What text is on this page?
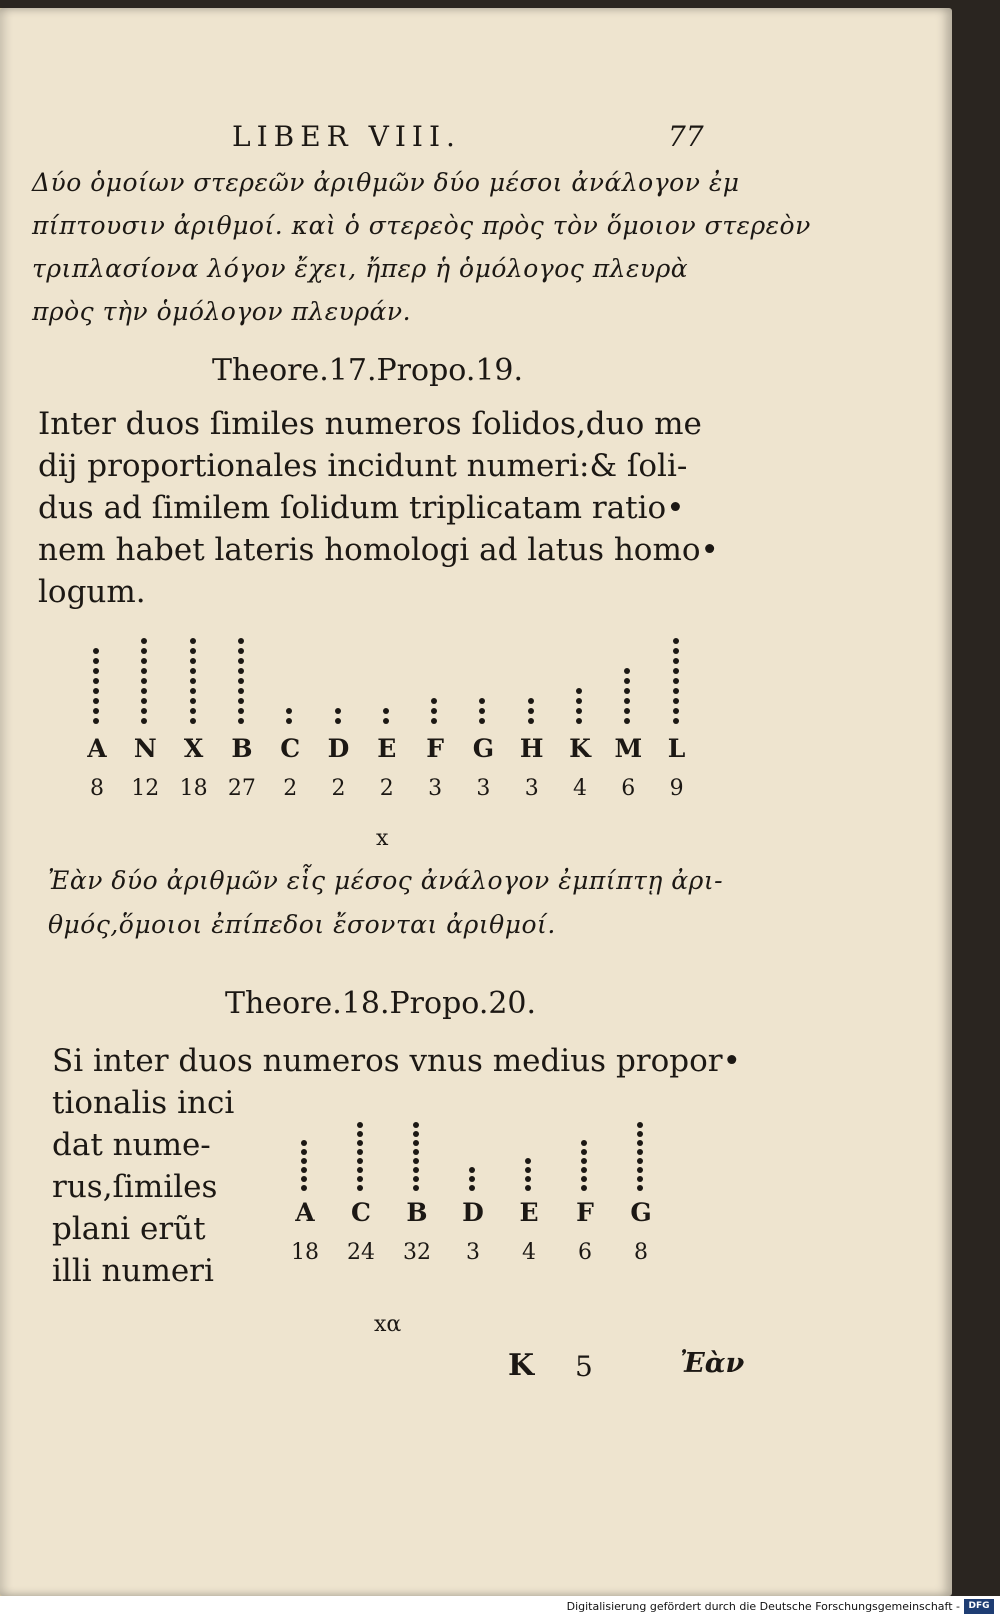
LIBER VIII.	77
Δύο ὁμοίων στερεῶν ἀριθμῶν δύο μέσοι ἀνάλογον ἐμ
πίπτουσιν ἀριθμοί. καὶ ὁ στερεὸς πρὸς τὸν ὅμοιον στερεὸν
τριπλασίονα λόγον ἔχει, ἤπερ ἡ ὁμόλογος πλευρὰ
πρὸς τὴν ὁμόλογον πλευράν.
Theore.17.Propo.19.
Inter duos ſimiles numeros ſolidos,duo me
dij proportionales incidunt numeri:& ſoli-
dus ad ſimilem ſolidum triplicatam ratio•
nem habet lateris homologi ad latus homo•
logum.
A
8
N
12
X
18
B
27
C
2
D
2
E
2
F
3
G
3
H
3
K
4
M
6
L
9
x
Ἐὰν δύο ἀριθμῶν εἷς μέσος ἀνάλογον ἐμπίπτῃ ἀρι-
θμός,ὅμοιοι ἐπίπεδοι ἔσονται ἀριθμοί.
Theore.18.Propo.20.
Si inter duos numeros vnus medius propor•
tionalis inci
dat nume-
rus,ſimiles
plani erũt
illi numeri
A
18
C
24
B
32
D
3
E
4
F
6
G
8
xα
K 5	Ἐὰν
Digitalisierung gefördert durch die Deutsche Forschungsgemeinschaft - DFG
